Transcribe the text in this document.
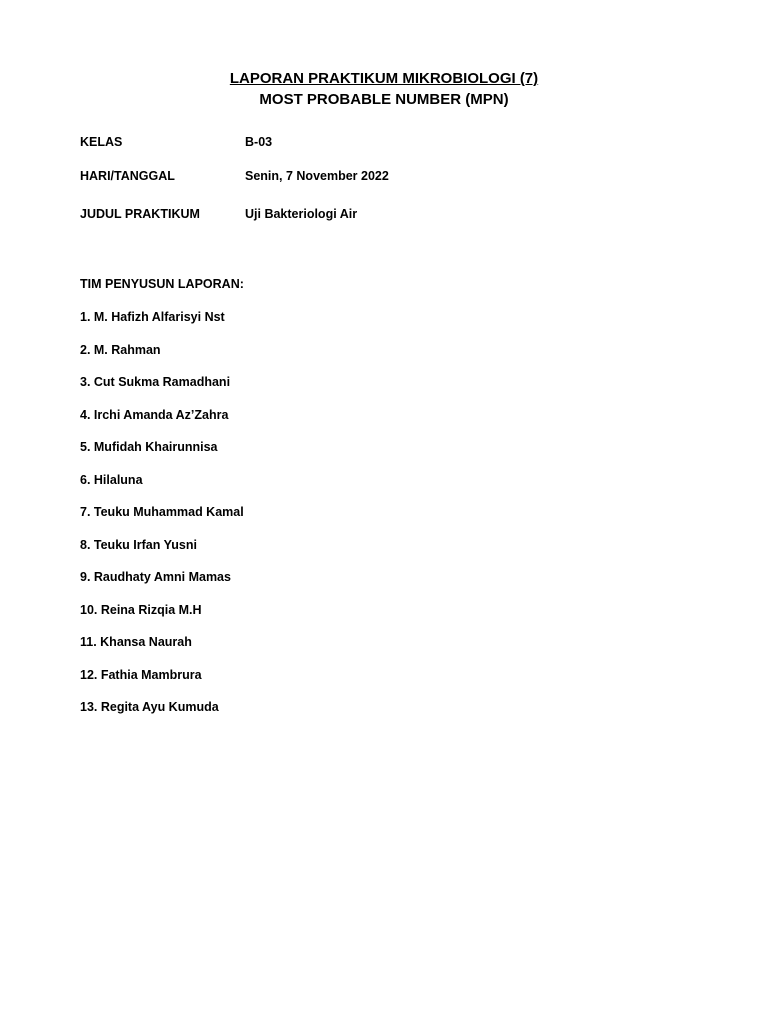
LAPORAN PRAKTIKUM MIKROBIOLOGI (7)
MOST PROBABLE NUMBER (MPN)
KELAS	B-03
HARI/TANGGAL	Senin, 7 November 2022
JUDUL PRAKTIKUM	Uji Bakteriologi Air
TIM PENYUSUN LAPORAN:
1. M. Hafizh Alfarisyi Nst
2. M. Rahman
3. Cut Sukma Ramadhani
4. Irchi Amanda Az’Zahra
5. Mufidah Khairunnisa
6. Hilaluna
7. Teuku Muhammad Kamal
8. Teuku Irfan Yusni
9. Raudhaty Amni Mamas
10. Reina Rizqia M.H
11. Khansa Naurah
12. Fathia Mambrura
13. Regita Ayu Kumuda
